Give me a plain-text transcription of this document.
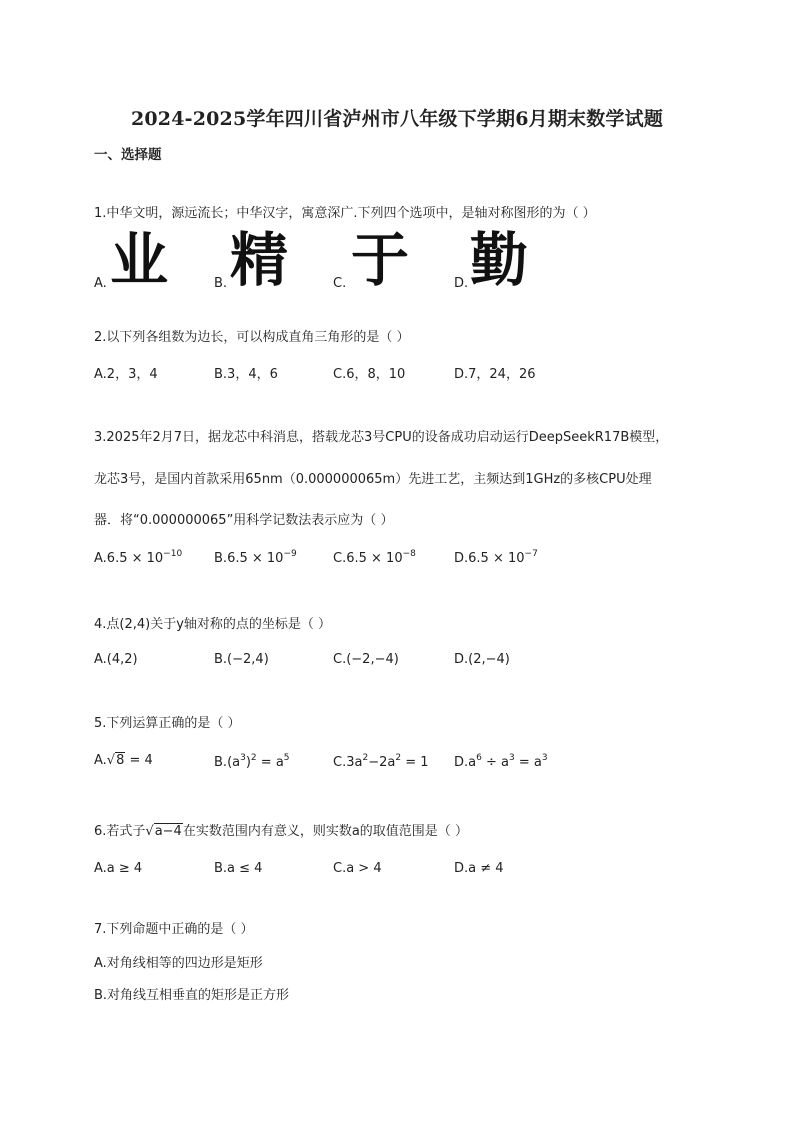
2024-2025学年四川省泸州市八年级下学期6月期末数学试题
一、选择题
1.中华文明，源远流长；中华汉字，寓意深广.下列四个选项中，是轴对称图形的为（ ）
A. 业	B. 精	C. 于	D. 勤
2.以下列各组数为边长，可以构成直角三角形的是（ ）
A.2，3，4	B.3，4，6	C.6，8，10	D.7，24，26
3.2025年2月7日，据龙芯中科消息，搭载龙芯3号CPU的设备成功启动运行DeepSeekR17B模型，
龙芯3号，是国内首款采用65nm（0.000000065m）先进工艺，主频达到1GHz的多核CPU处理
器．将“0.000000065”用科学记数法表示应为（ ）
$A.6.5 \times 10^{-10}$ $B.6.5 \times 10^{-9}$	$C.6.5 \times 10^{-8}$	$D.6.5 \times 10^{-7}$
4.点(2,4)关于y轴对称的点的坐标是（ ）
A.(4,2)	B.(−2,4)	C.(−2,−4)	D.(2,−4)
5.下列运算正确的是（ ）
A.√8 = 4	$B.(a^3)^2 = a^5$	$C.3a^2-2a^2 = 1$ $D.a^6 \div a^3 = a^3$
6.若式子√a−4在实数范围内有意义，则实数a的取值范围是（ ）
A.a ≥ 4	B.a ≤ 4	C.a > 4	D.a ≠ 4
7.下列命题中正确的是（ ）
A.对角线相等的四边形是矩形
B.对角线互相垂直的矩形是正方形
